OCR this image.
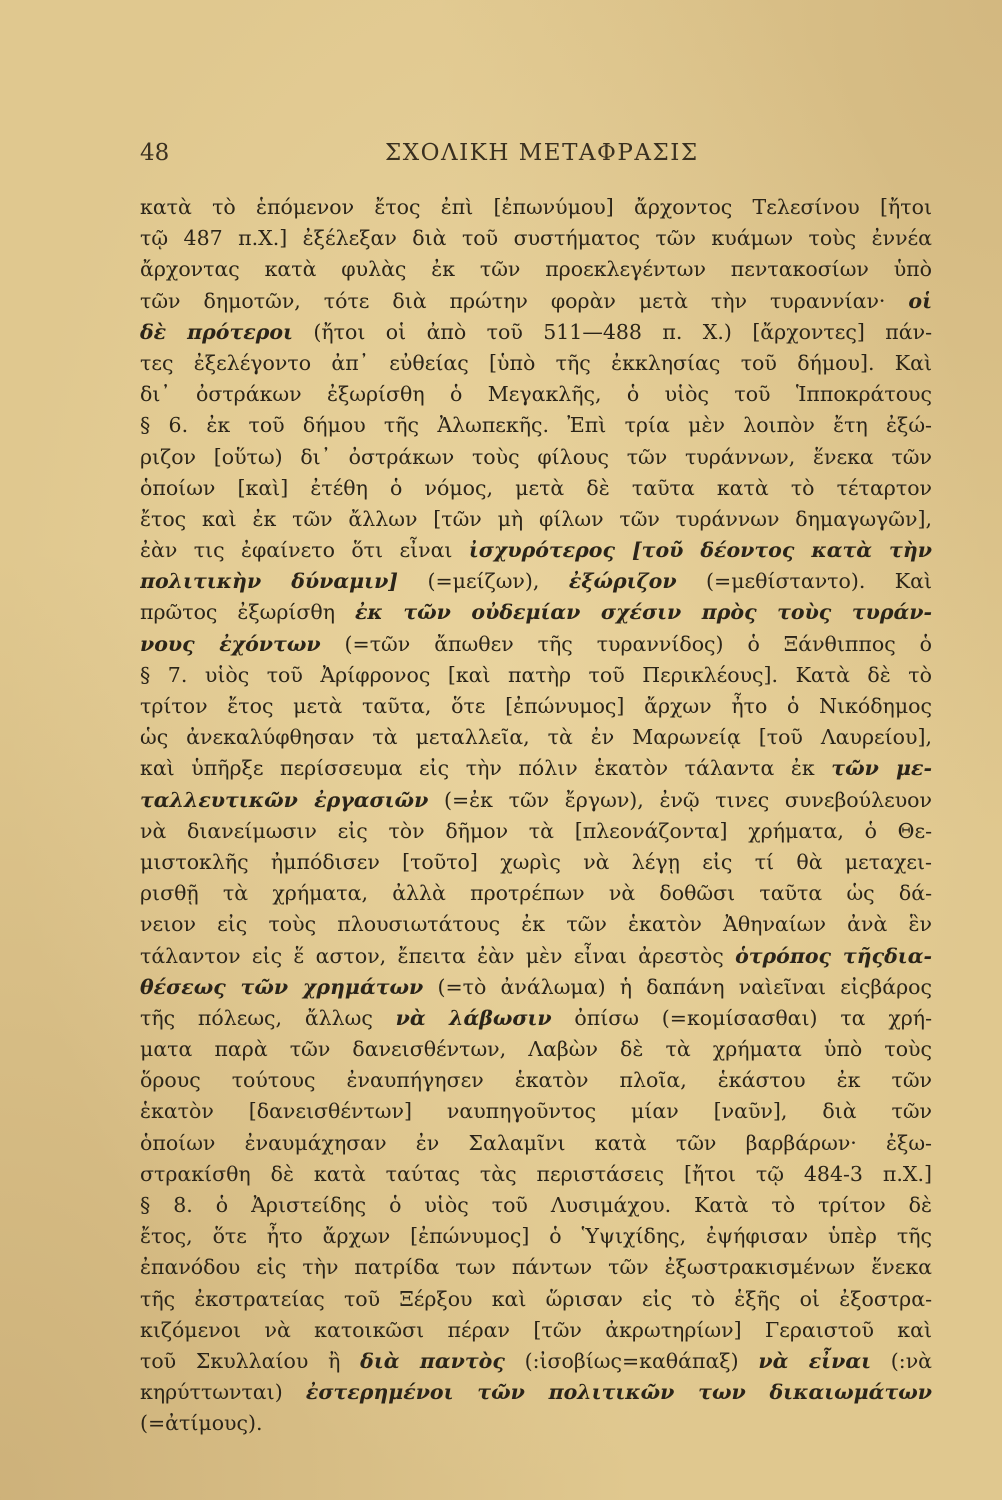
48	ΣΧΟΛΙΚΗ ΜΕΤΑΦΡΑΣΙΣ
κατὰ τὸ ἑπόμενον ἔτος ἐπὶ [ἐπωνύμου] ἄρχοντος Τελεσίνου [ἤτοι
τῷ 487 π.Χ.] ἐξέλεξαν διὰ τοῦ συστήματος τῶν κυάμων τοὺς ἐννέα
ἄρχοντας κατὰ φυλὰς ἐκ τῶν προεκλεγέντων πεντακοσίων ὑπὸ
τῶν δημοτῶν, τότε διὰ πρώτην φορὰν μετὰ τὴν τυραννίαν· οἱ
δὲ πρότεροι (ἤτοι οἱ ἀπὸ τοῦ 511—488 π. Χ.) [ἄρχοντες] πάν-
τες ἐξελέγοντο ἀπ᾽ εὐθείας [ὑπὸ τῆς ἐκκλησίας τοῦ δήμου]. Καὶ
δι᾽ ὀστράκων ἐξωρίσθη ὁ Μεγακλῆς, ὁ υἱὸς τοῦ Ἱπποκράτους
§ 6. ἐκ τοῦ δήμου τῆς Ἀλωπεκῆς. Ἐπὶ τρία μὲν λοιπὸν ἔτη ἐξώ-
ριζον [οὕτω) δι᾽ ὀστράκων τοὺς φίλους τῶν τυράννων, ἕνεκα τῶν
ὁποίων [καὶ] ἐτέθη ὁ νόμος, μετὰ δὲ ταῦτα κατὰ τὸ τέταρτον
ἔτος καὶ ἐκ τῶν ἄλλων [τῶν μὴ φίλων τῶν τυράννων δημαγωγῶν],
ἐὰν τις ἐφαίνετο ὅτι εἶναι ἰσχυρότερος [τοῦ δέοντος κατὰ τὴν
πολιτικὴν δύναμιν] (=μείζων), ἐξώριζον (=μεθίσταντο). Καὶ
πρῶτος ἐξωρίσθη ἐκ τῶν οὐδεμίαν σχέσιν πρὸς τοὺς τυράν-
νους ἐχόντων (=τῶν ἄπωθεν τῆς τυραννίδος) ὁ Ξάνθιππος ὁ
§ 7. υἱὸς τοῦ Ἀρίφρονος [καὶ πατὴρ τοῦ Περικλέους]. Κατὰ δὲ τὸ
τρίτον ἔτος μετὰ ταῦτα, ὅτε [ἐπώνυμος] ἄρχων ἦτο ὁ Νικόδημος
ὡς ἀνεκαλύφθησαν τὰ μεταλλεῖα, τὰ ἐν Μαρωνείᾳ [τοῦ Λαυρείου],
καὶ ὑπῆρξε περίσσευμα εἰς τὴν πόλιν ἑκατὸν τάλαντα ἐκ τῶν με-
ταλλευτικῶν ἐργασιῶν (=ἐκ τῶν ἔργων), ἐνῷ τινες συνεβούλευον
νὰ διανείμωσιν εἰς τὸν δῆμον τὰ [πλεονάζοντα] χρήματα, ὁ Θε-
μιστοκλῆς ἠμπόδισεν [τοῦτο] χωρὶς νὰ λέγῃ εἰς τί θὰ μεταχει-
ρισθῇ τὰ χρήματα, ἀλλὰ προτρέπων νὰ δοθῶσι ταῦτα ὡς δά-
νειον εἰς τοὺς πλουσιωτάτους ἐκ τῶν ἑκατὸν Ἀθηναίων ἀνὰ ἓν
τάλαντον εἰς ἕ αστον, ἔπειτα ἐὰν μὲν εἶναι ἀρεστὸς ὁτρόπος τῆςδια-
θέσεως τῶν χρημάτων (=τὸ ἀνάλωμα) ἡ δαπάνη ναὶεῖναι εἰςβάρος
τῆς πόλεως, ἄλλως νὰ λάβωσιν ὀπίσω (=κομίσασθαι) τα χρή-
ματα παρὰ τῶν δανεισθέντων, Λαβὼν δὲ τὰ χρήματα ὑπὸ τοὺς
ὅρους τούτους ἐναυπήγησεν ἑκατὸν πλοῖα, ἑκάστου ἐκ τῶν
ἑκατὸν [δανεισθέντων] ναυπηγοῦντος μίαν [ναῦν], διὰ τῶν
ὁποίων ἐναυμάχησαν ἐν Σαλαμῖνι κατὰ τῶν βαρβάρων· ἐξω-
στρακίσθη δὲ κατὰ ταύτας τὰς περιστάσεις [ἤτοι τῷ 484-3 π.Χ.]
§ 8. ὁ Ἀριστείδης ὁ υἱὸς τοῦ Λυσιμάχου. Κατὰ τὸ τρίτον δὲ
ἔτος, ὅτε ἦτο ἄρχων [ἐπώνυμος] ὁ Ὑψιχίδης, ἐψήφισαν ὑπὲρ τῆς
ἐπανόδου εἰς τὴν πατρίδα των πάντων τῶν ἐξωστρακισμένων ἕνεκα
τῆς ἐκστρατείας τοῦ Ξέρξου καὶ ὥρισαν εἰς τὸ ἑξῆς οἱ ἐξοστρα-
κιζόμενοι νὰ κατοικῶσι πέραν [τῶν ἀκρωτηρίων] Γεραιστοῦ καὶ
τοῦ Σκυλλαίου ἢ διὰ παντὸς (:ἰσοβίως=καθάπαξ) νὰ εἶναι (:νὰ
κηρύττωνται) ἐστερημένοι τῶν πολιτικῶν των δικαιωμάτων
(=ἀτίμους).
